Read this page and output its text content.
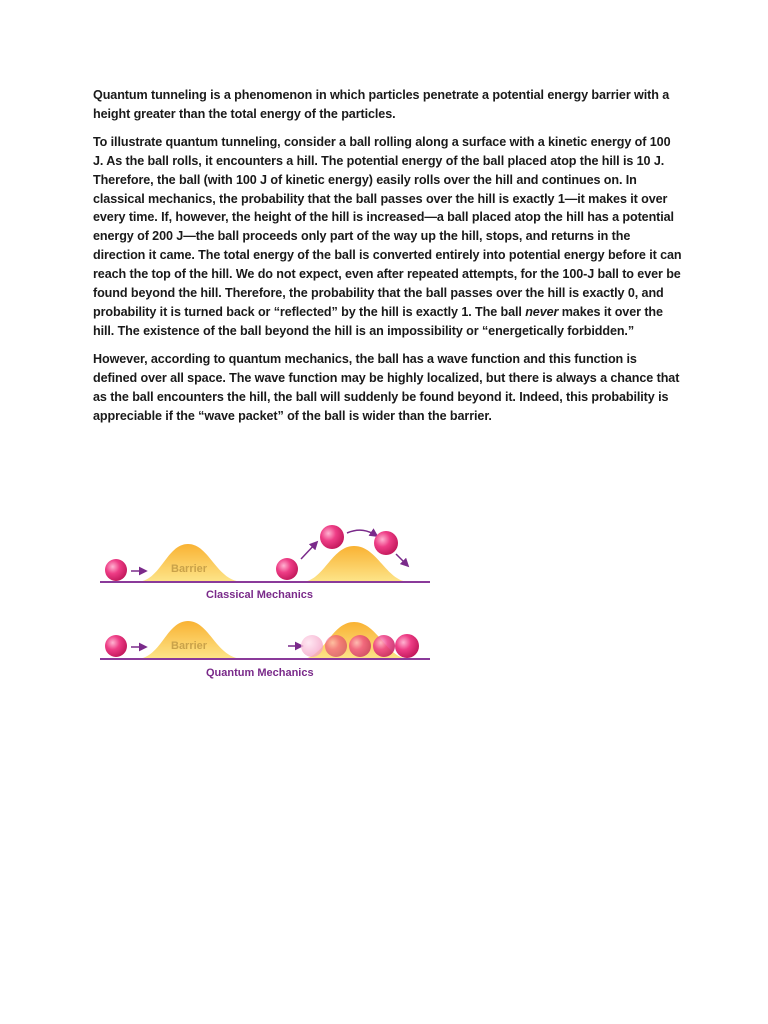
Quantum tunneling is a phenomenon in which particles penetrate a potential energy barrier with a height greater than the total energy of the particles.

To illustrate quantum tunneling, consider a ball rolling along a surface with a kinetic energy of 100 J. As the ball rolls, it encounters a hill. The potential energy of the ball placed atop the hill is 10 J. Therefore, the ball (with 100 J of kinetic energy) easily rolls over the hill and continues on. In classical mechanics, the probability that the ball passes over the hill is exactly 1—it makes it over every time. If, however, the height of the hill is increased—a ball placed atop the hill has a potential energy of 200 J—the ball proceeds only part of the way up the hill, stops, and returns in the direction it came. The total energy of the ball is converted entirely into potential energy before it can reach the top of the hill. We do not expect, even after repeated attempts, for the 100-J ball to ever be found beyond the hill. Therefore, the probability that the ball passes over the hill is exactly 0, and probability it is turned back or “reflected” by the hill is exactly 1. The ball never makes it over the hill. The existence of the ball beyond the hill is an impossibility or “energetically forbidden.”

However, according to quantum mechanics, the ball has a wave function and this function is defined over all space. The wave function may be highly localized, but there is always a chance that as the ball encounters the hill, the ball will suddenly be found beyond it. Indeed, this probability is appreciable if the “wave packet” of the ball is wider than the barrier.

Barrier
Classical Mechanics
Barrier
Quantum Mechanics
